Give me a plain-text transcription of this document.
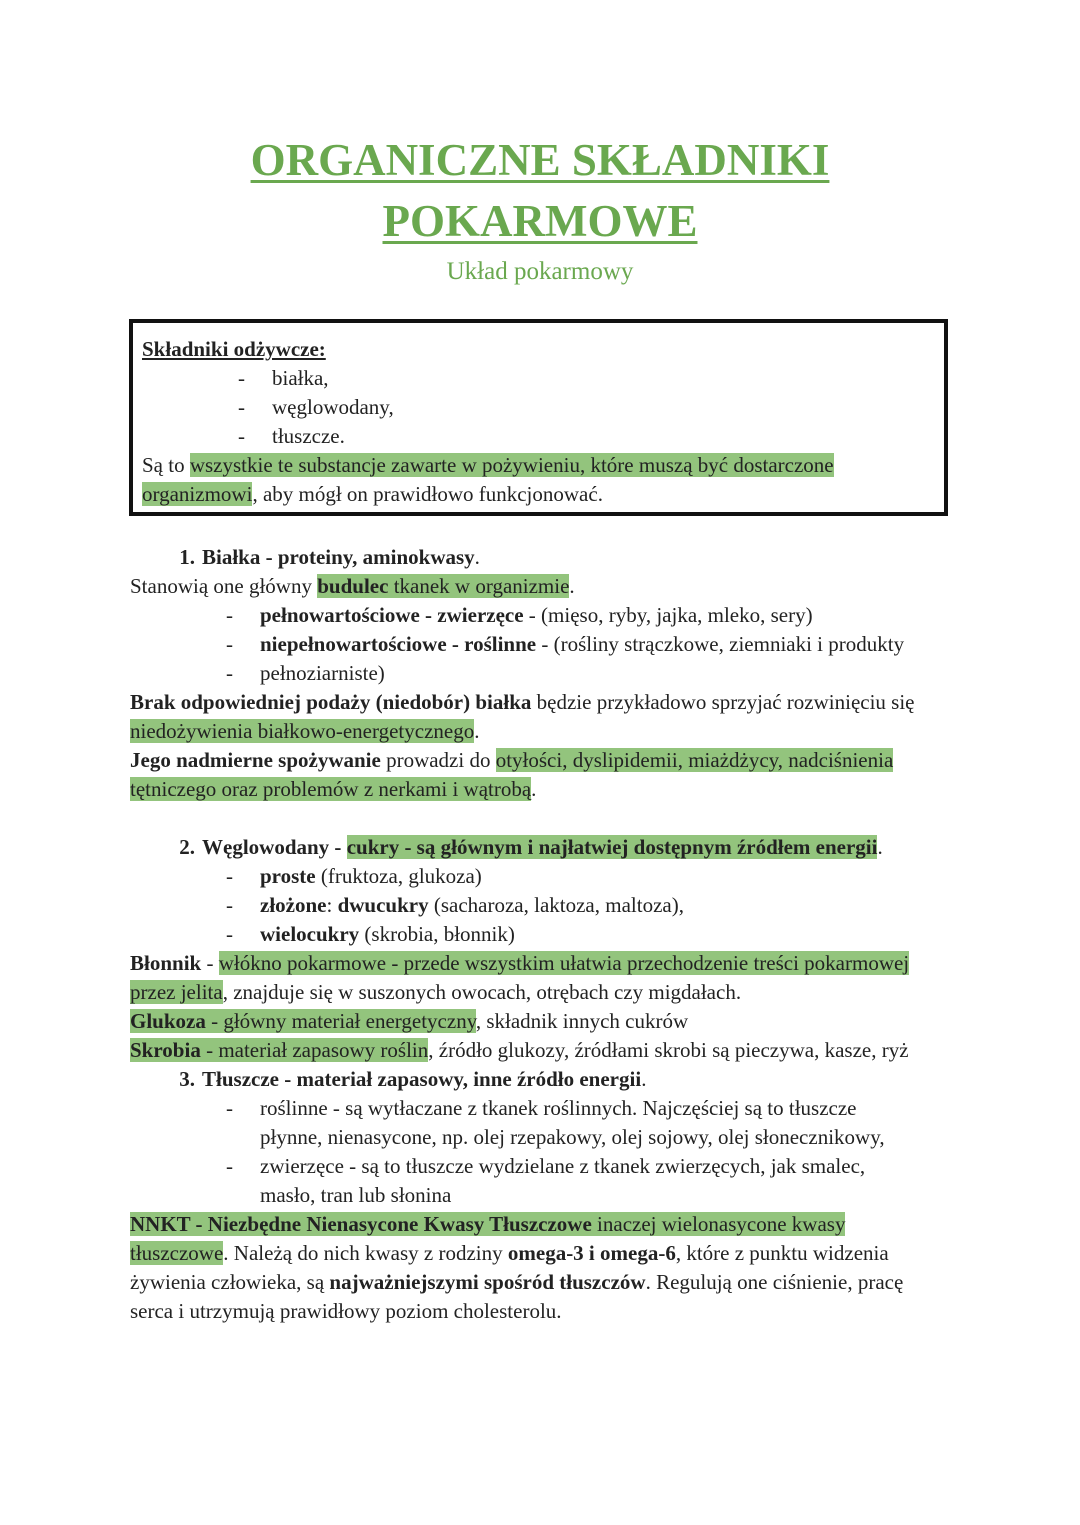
ORGANICZNE SKŁADNIKI
POKARMOWE
Układ pokarmowy
Składniki odżywcze:
- białka,
- węglowodany,
- tłuszcze.
Są to wszystkie te substancje zawarte w pożywieniu, które muszą być dostarczone
organizmowi, aby mógł on prawidłowo funkcjonować.
1. Białka - proteiny, aminokwasy.
Stanowią one główny budulec tkanek w organizmie.
- pełnowartościowe - zwierzęce - (mięso, ryby, jajka, mleko, sery)
- niepełnowartościowe - roślinne - (rośliny strączkowe, ziemniaki i produkty
- pełnoziarniste)
Brak odpowiedniej podaży (niedobór) białka będzie przykładowo sprzyjać rozwinięciu się
niedożywienia białkowo-energetycznego.
Jego nadmierne spożywanie prowadzi do otyłości, dyslipidemii, miażdżycy, nadciśnienia
tętniczego oraz problemów z nerkami i wątrobą.
2. Węglowodany - cukry - są głównym i najłatwiej dostępnym źródłem energii.
- proste (fruktoza, glukoza)
- złożone: dwucukry (sacharoza, laktoza, maltoza),
- wielocukry (skrobia, błonnik)
Błonnik - włókno pokarmowe - przede wszystkim ułatwia przechodzenie treści pokarmowej
przez jelita, znajduje się w suszonych owocach, otrębach czy migdałach.
Glukoza - główny materiał energetyczny, składnik innych cukrów
Skrobia - materiał zapasowy roślin, źródło glukozy, źródłami skrobi są pieczywa, kasze, ryż
3. Tłuszcze - materiał zapasowy, inne źródło energii.
- roślinne - są wytłaczane z tkanek roślinnych. Najczęściej są to tłuszcze
płynne, nienasycone, np. olej rzepakowy, olej sojowy, olej słonecznikowy,
- zwierzęce - są to tłuszcze wydzielane z tkanek zwierzęcych, jak smalec,
masło, tran lub słonina
NNKT - Niezbędne Nienasycone Kwasy Tłuszczowe inaczej wielonasycone kwasy
tłuszczowe. Należą do nich kwasy z rodziny omega-3 i omega-6, które z punktu widzenia
żywienia człowieka, są najważniejszymi spośród tłuszczów. Regulują one ciśnienie, pracę
serca i utrzymują prawidłowy poziom cholesterolu.
